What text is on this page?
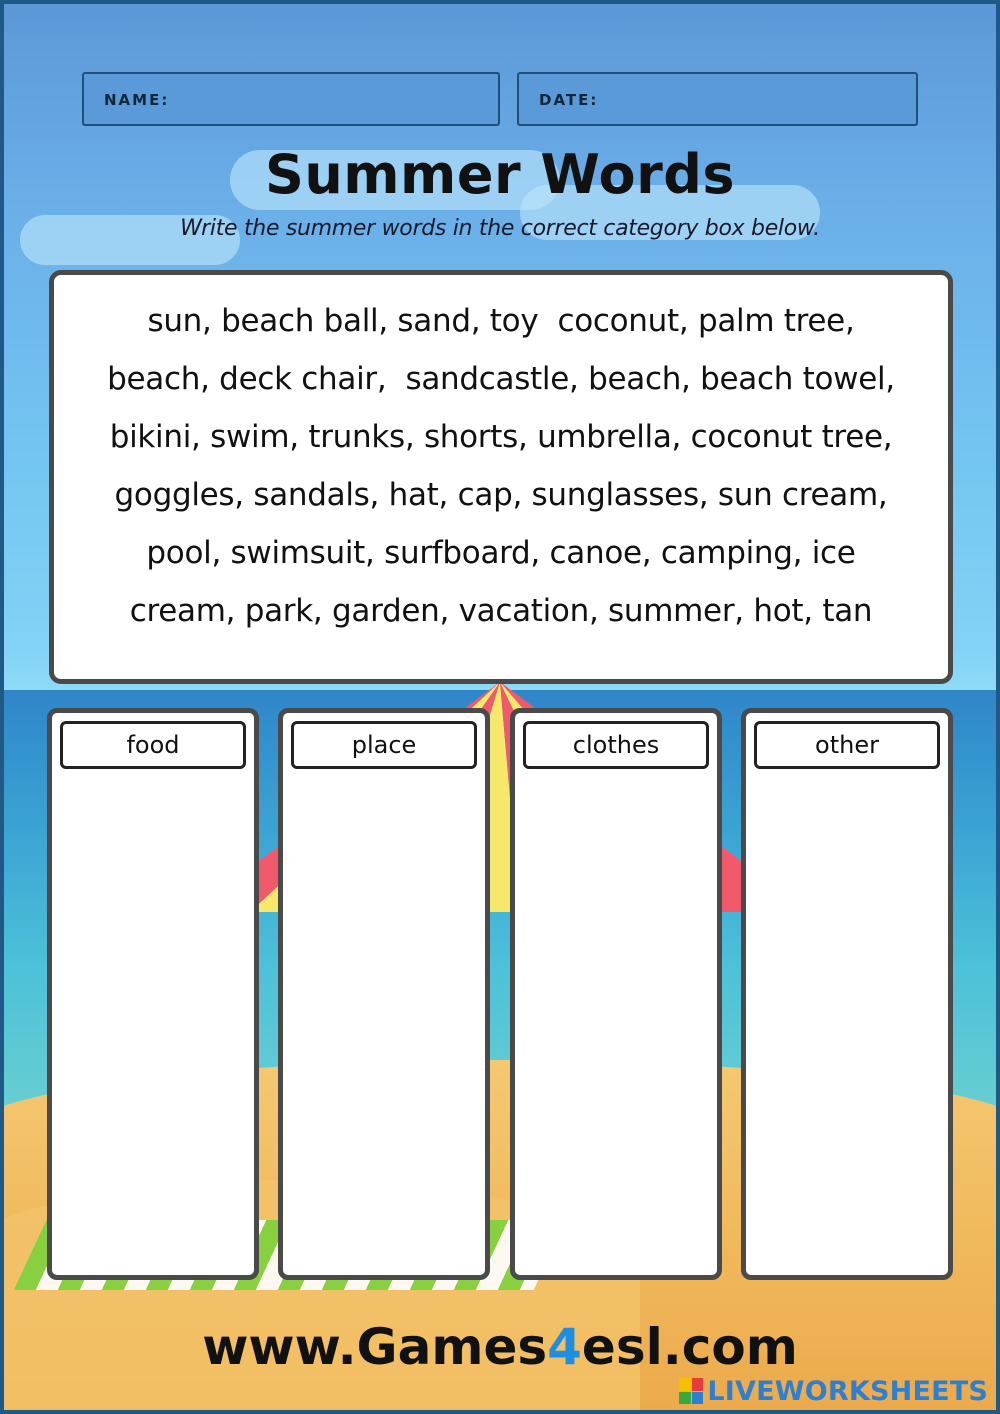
NAME:	DATE:
Summer Words
Write the summer words in the correct category box below.
sun, beach ball, sand, toy  coconut, palm tree,
beach, deck chair,  sandcastle, beach, beach towel,
bikini, swim, trunks, shorts, umbrella, coconut tree,
goggles, sandals, hat, cap, sunglasses, sun cream,
pool, swimsuit, surfboard, canoe, camping, ice
cream, park, garden, vacation, summer, hot, tan
food	place	clothes	other
www.Games4esl.com
LIVEWORKSHEETS
